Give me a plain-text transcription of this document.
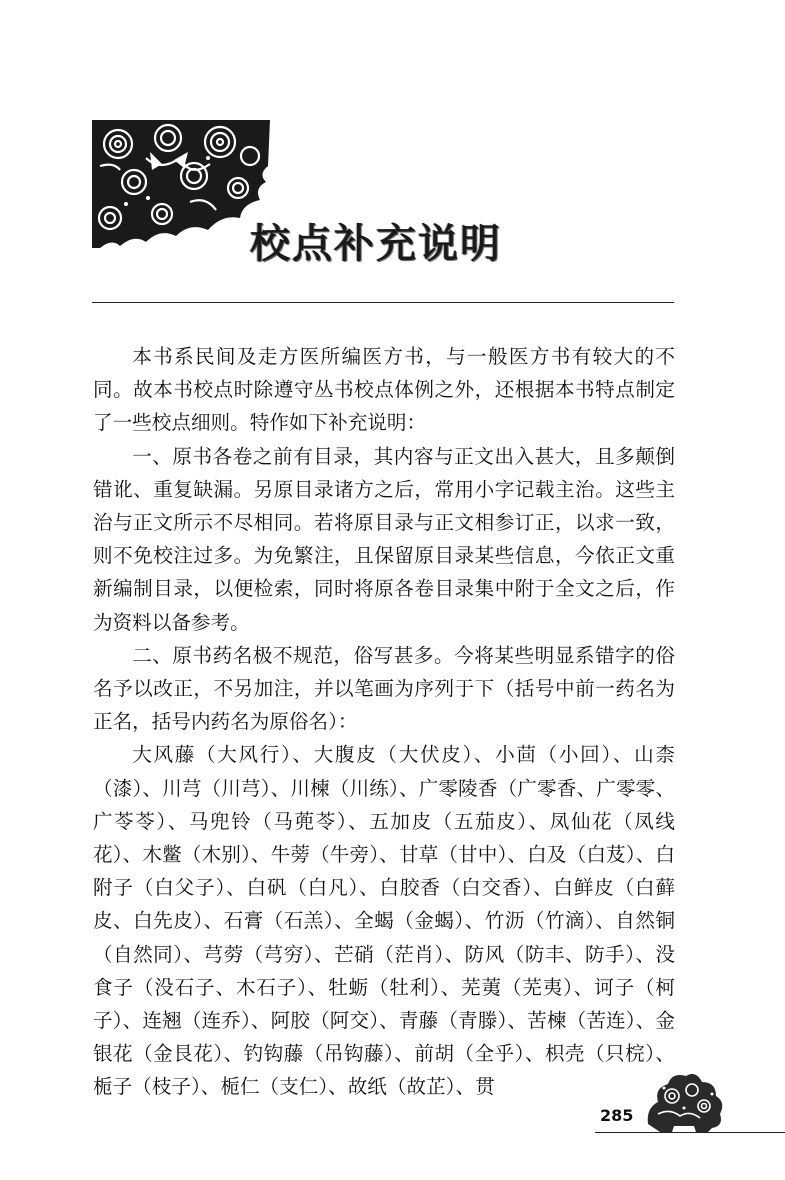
校点补充说明

本书系民间及走方医所编医方书，与一般医方书有较大的不同。故本书校点时除遵守丛书校点体例之外，还根据本书特点制定了一些校点细则。特作如下补充说明：

一、原书各卷之前有目录，其内容与正文出入甚大，且多颠倒错讹、重复缺漏。另原目录诸方之后，常用小字记载主治。这些主治与正文所示不尽相同。若将原目录与正文相参订正，以求一致，则不免校注过多。为免繁注，且保留原目录某些信息，今依正文重新编制目录，以便检索，同时将原各卷目录集中附于全文之后，作为资料以备参考。

二、原书药名极不规范，俗写甚多。今将某些明显系错字的俗名予以改正，不另加注，并以笔画为序列于下（括号中前一药名为正名，括号内药名为原俗名）：

大风藤（大风行）、大腹皮（大伏皮）、小茴（小回）、山柰（漆）、川芎（川芎）、川楝（川练）、广零陵香（广零香、广零零、广苓苓）、马兜铃（马蔸苓）、五加皮（五茄皮）、凤仙花（凤线花）、木鳖（木别）、牛蒡（牛旁）、甘草（甘中）、白及（白芨）、白附子（白父子）、白矾（白凡）、白胶香（白交香）、白鲜皮（白藓皮、白先皮）、石膏（石羔）、全蝎（金蝎）、竹沥（竹滴）、自然铜（自然同）、芎䓖（芎穷）、芒硝（茫肖）、防风（防丰、防手）、没食子（没石子、木石子）、牡蛎（牡利）、芜荑（芜夷）、诃子（柯子）、连翘（连乔）、阿胶（阿交）、青藤（青滕）、苦楝（苦连）、金银花（金艮花）、钓钩藤（吊钩藤）、前胡（全乎）、枳壳（只梡）、栀子（枝子）、栀仁（支仁）、故纸（故芷）、贯

285
